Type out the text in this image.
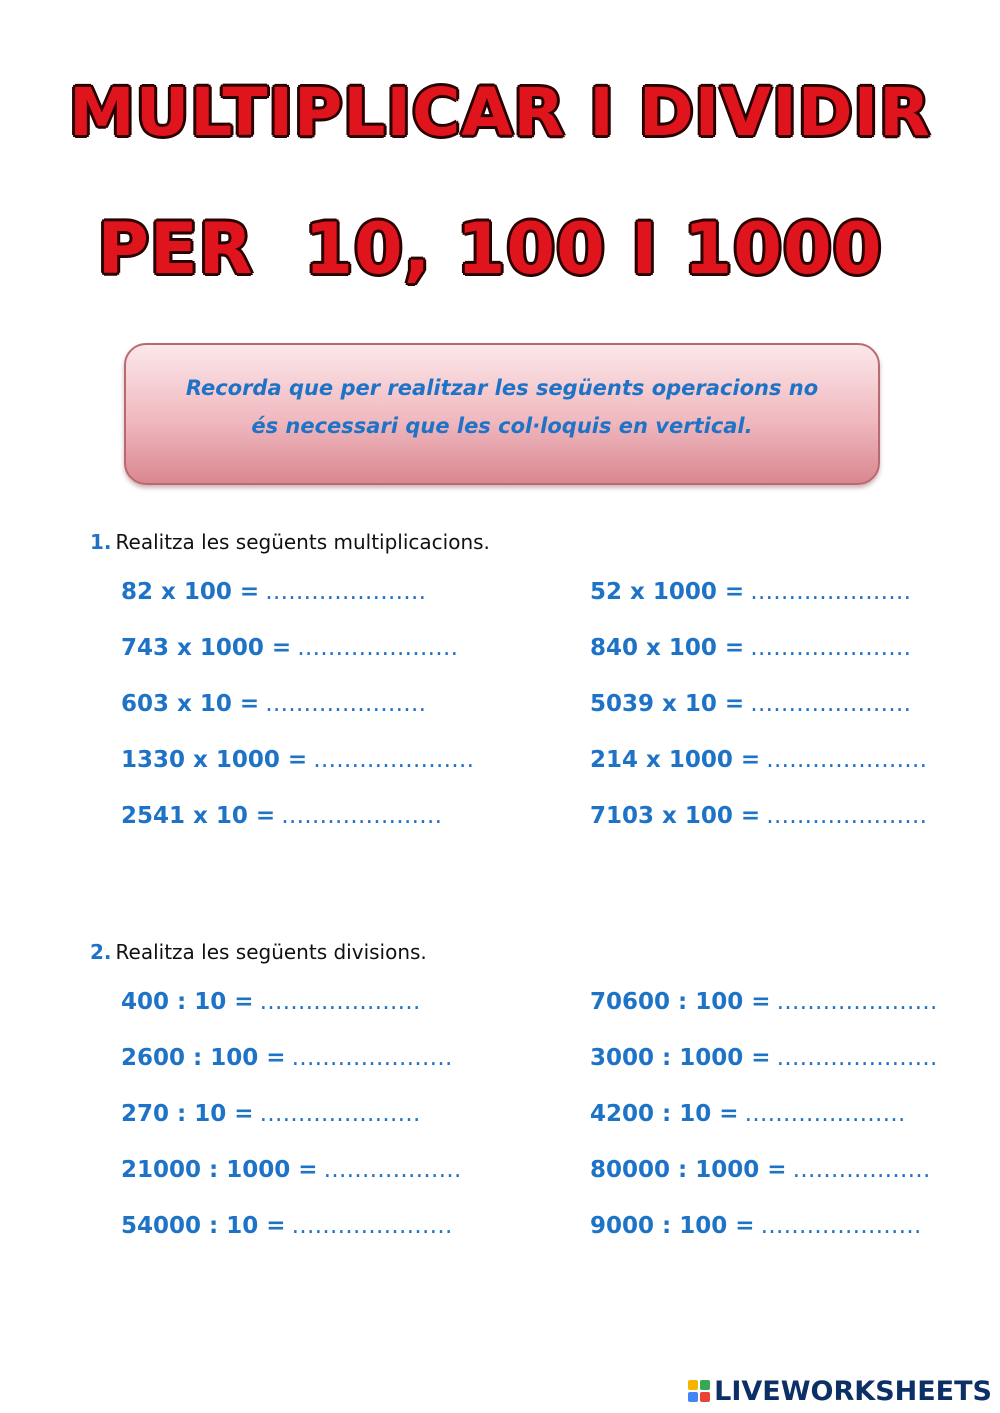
MULTIPLICAR I DIVIDIR
PER  10, 100 I 1000
Recorda que per realitzar les següents operacions no
és necessari que les col·loquis en vertical.
1. Realitza les següents multiplicacions.
82 x 100 = …………………
743 x 1000 = …………………
603 x 10 = …………………
1330 x 1000 = …………………
2541 x 10 = …………………
52 x 1000 = …………………
840 x 100 = …………………
5039 x 10 = …………………
214 x 1000 = …………………
7103 x 100 = …………………
2. Realitza les següents divisions.
400 : 10 = …………………
2600 : 100 = …………………
270 : 10 = …………………
21000 : 1000 = ………………
54000 : 10 = …………………
70600 : 100 = …………………
3000 : 1000 = …………………
4200 : 10 = …………………
80000 : 1000 = ………………
9000 : 100 = …………………
LIVEWORKSHEETS
